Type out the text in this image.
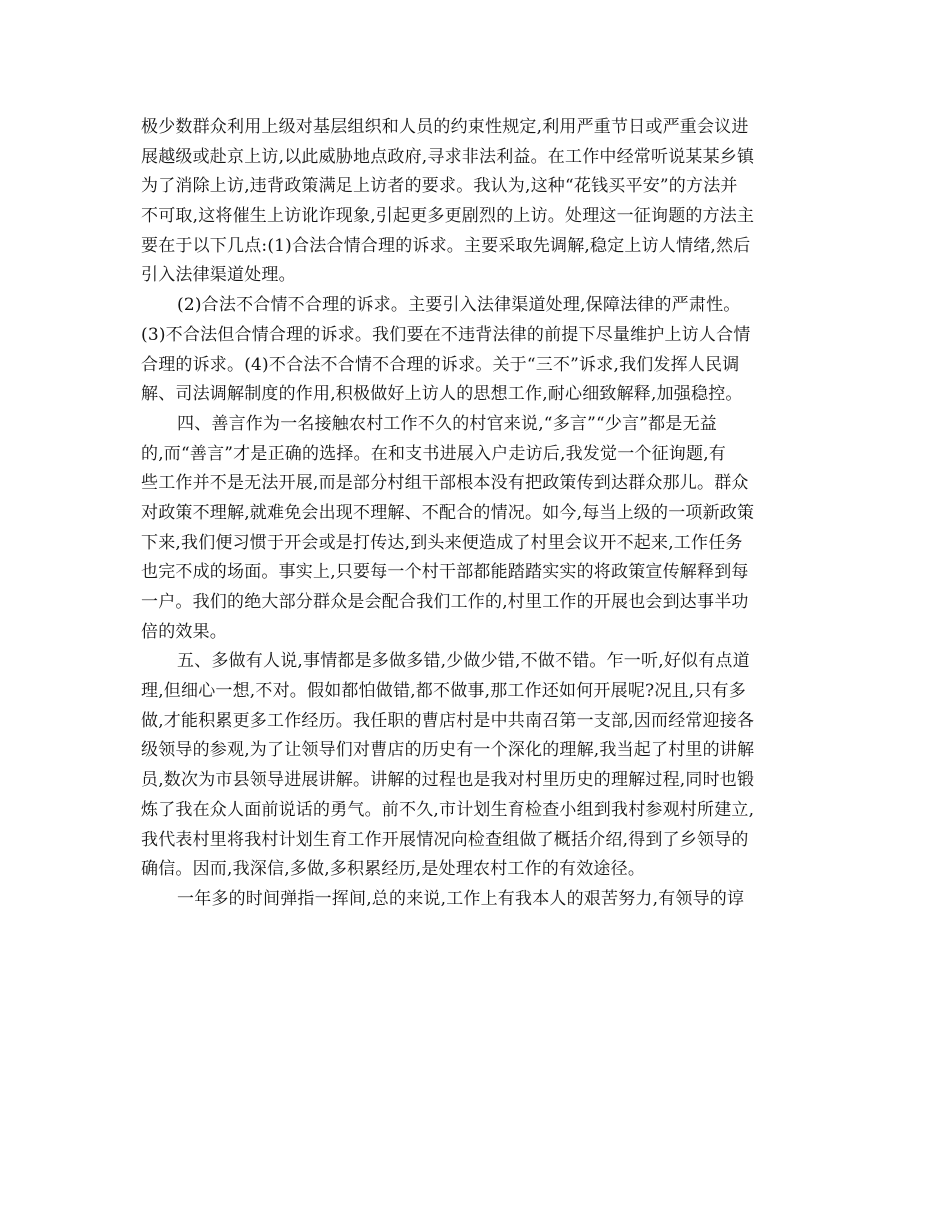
极少数群众利用上级对基层组织和人员的约束性规定,利用严重节日或严重会议进
展越级或赴京上访,以此威胁地点政府,寻求非法利益。在工作中经常听说某某乡镇
为了消除上访,违背政策满足上访者的要求。我认为,这种“花钱买平安”的方法并
不可取,这将催生上访讹诈现象,引起更多更剧烈的上访。处理这一征询题的方法主
要在于以下几点:(1)合法合情合理的诉求。主要采取先调解,稳定上访人情绪,然后
引入法律渠道处理。
(2)合法不合情不合理的诉求。主要引入法律渠道处理,保障法律的严肃性。
(3)不合法但合情合理的诉求。我们要在不违背法律的前提下尽量维护上访人合情
合理的诉求。(4)不合法不合情不合理的诉求。关于“三不”诉求,我们发挥人民调
解、司法调解制度的作用,积极做好上访人的思想工作,耐心细致解释,加强稳控。
四、善言作为一名接触农村工作不久的村官来说,“多言”“少言”都是无益
的,而“善言”才是正确的选择。在和支书进展入户走访后,我发觉一个征询题,有
些工作并不是无法开展,而是部分村组干部根本没有把政策传到达群众那儿。群众
对政策不理解,就难免会出现不理解、不配合的情况。如今,每当上级的一项新政策
下来,我们便习惯于开会或是打传达,到头来便造成了村里会议开不起来,工作任务
也完不成的场面。事实上,只要每一个村干部都能踏踏实实的将政策宣传解释到每
一户。我们的绝大部分群众是会配合我们工作的,村里工作的开展也会到达事半功
倍的效果。
五、多做有人说,事情都是多做多错,少做少错,不做不错。乍一听,好似有点道
理,但细心一想,不对。假如都怕做错,都不做事,那工作还如何开展呢?况且,只有多
做,才能积累更多工作经历。我任职的曹店村是中共南召第一支部,因而经常迎接各
级领导的参观,为了让领导们对曹店的历史有一个深化的理解,我当起了村里的讲解
员,数次为市县领导进展讲解。讲解的过程也是我对村里历史的理解过程,同时也锻
炼了我在众人面前说话的勇气。前不久,市计划生育检查小组到我村参观村所建立,
我代表村里将我村计划生育工作开展情况向检查组做了概括介绍,得到了乡领导的
确信。因而,我深信,多做,多积累经历,是处理农村工作的有效途径。
一年多的时间弹指一挥间,总的来说,工作上有我本人的艰苦努力,有领导的谆
